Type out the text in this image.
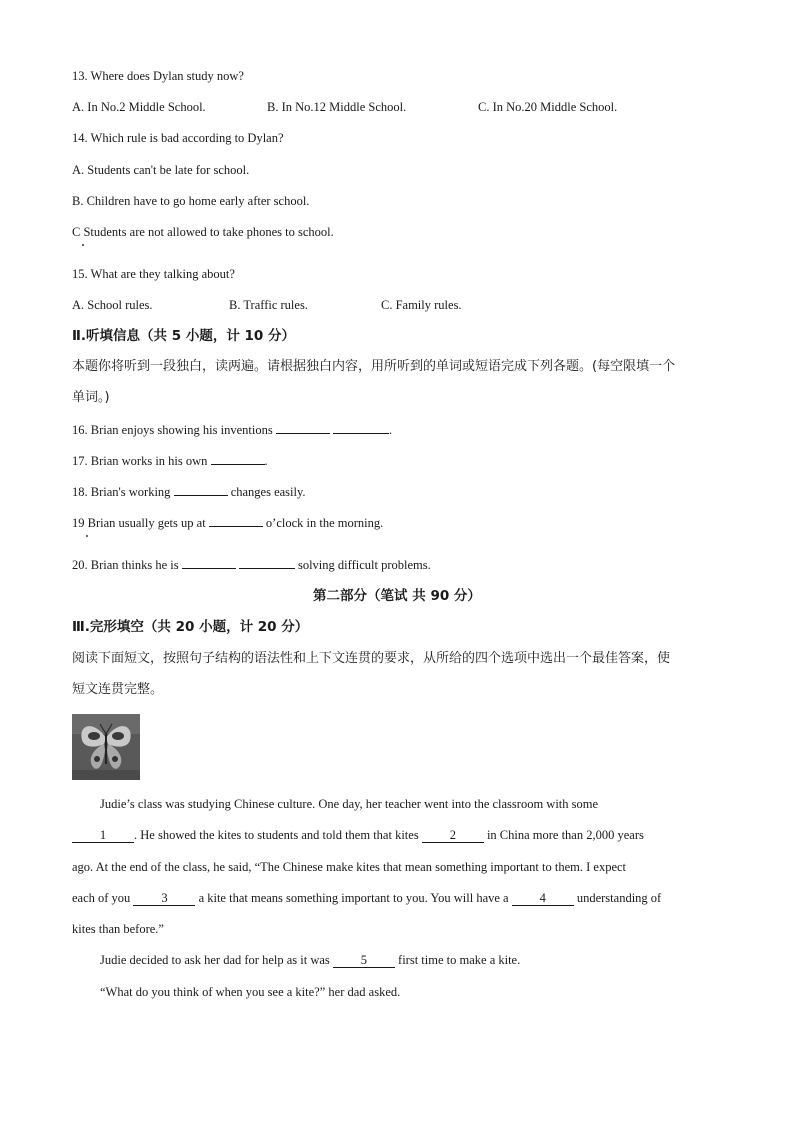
13. Where does Dylan study now?
A. In No.2 Middle School.	B. In No.12 Middle School.	C. In No.20 Middle School.
14. Which rule is bad according to Dylan?
A. Students can't be late for school.
B. Children have to go home early after school.
C Students are not allowed to take phones to school.
15. What are they talking about?
A. School rules.	B. Traffic rules.	C. Family rules.
Ⅱ.听填信息（共 5 小题，计 10 分）
本题你将听到一段独白，读两遍。请根据独白内容，用所听到的单词或短语完成下列各题。(每空限填一个
单词。)
16. Brian enjoys showing his inventions	.
17. Brian works in his own	.
18. Brian's working	changes easily.
19 Brian usually gets up at	o’clock in the morning.
20. Brian thinks he is	solving difficult problems.
第二部分（笔试 共 90 分）
Ⅲ.完形填空（共 20 小题，计 20 分）
阅读下面短文，按照句子结构的语法性和上下文连贯的要求，从所给的四个选项中选出一个最佳答案，使
短文连贯完整。
Judie’s class was studying Chinese culture. One day, her teacher went into the classroom with some
1 . He showed the kites to students and told them that kites 2 in China more than 2,000 years
ago. At the end of the class, he said, “The Chinese make kites that mean something important to them. I expect
each of you 3 a kite that means something important to you. You will have a 4 understanding of
kites than before.”
Judie decided to ask her dad for help as it was 5 first time to make a kite.
“What do you think of when you see a kite?” her dad asked.
